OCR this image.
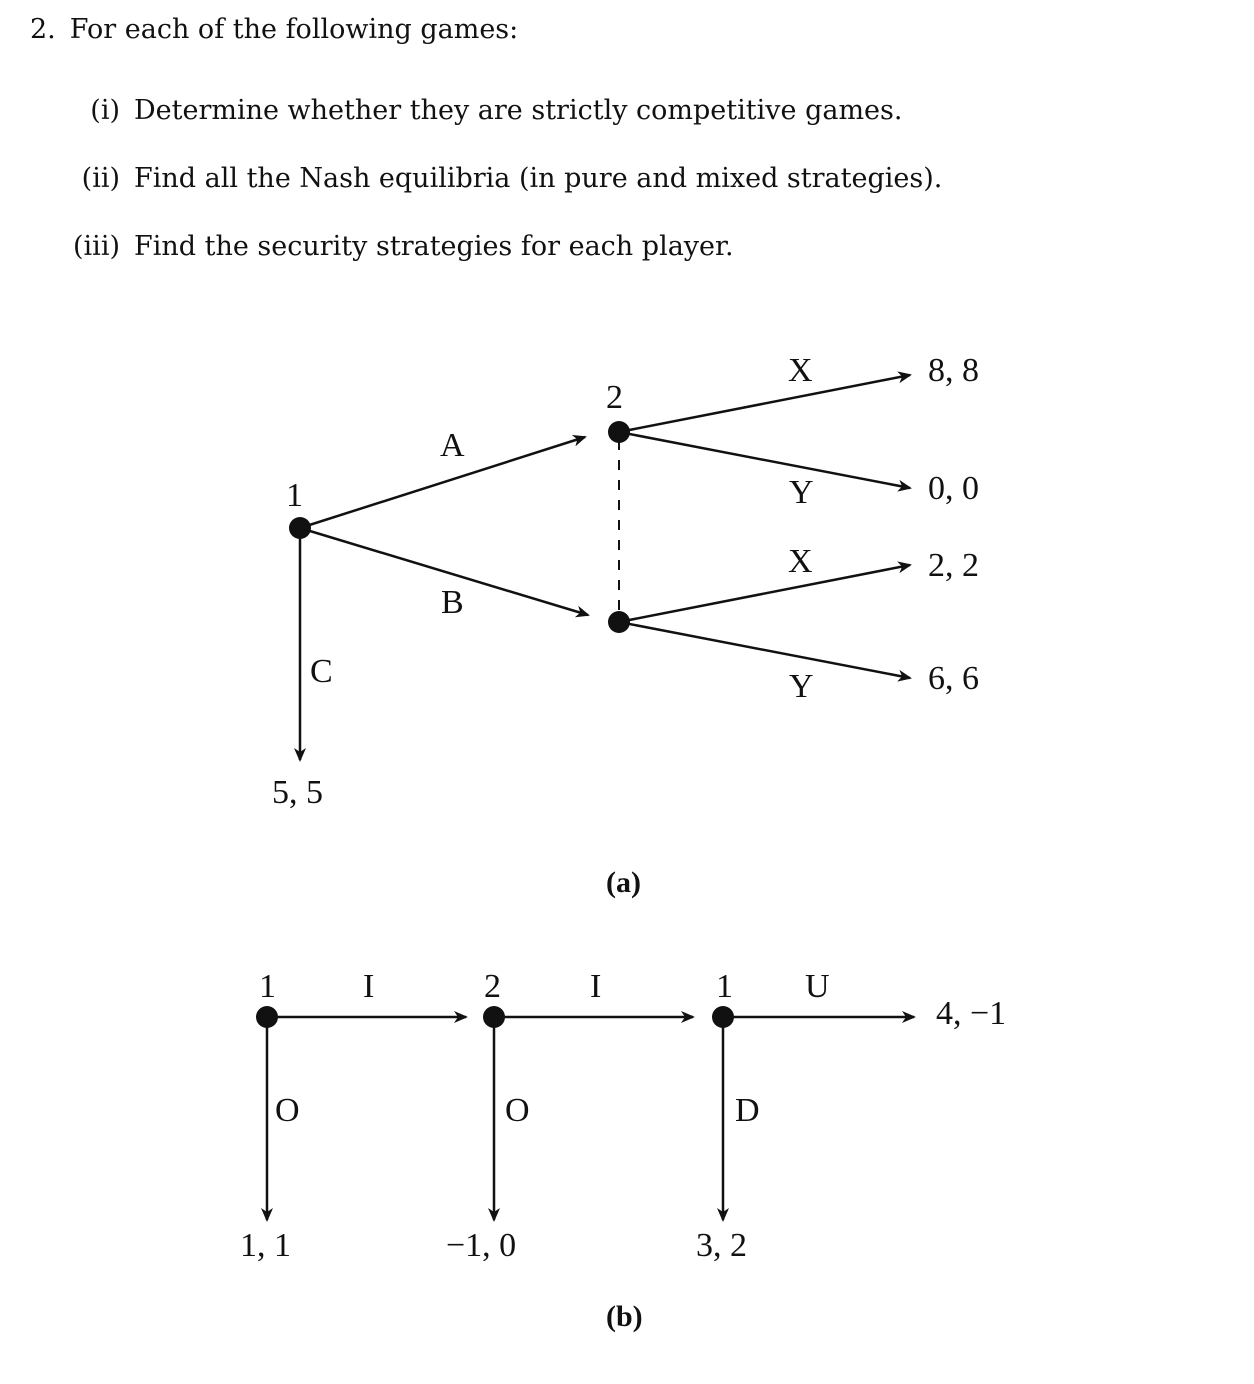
2. For each of the following games:
(i) Determine whether they are strictly competitive games.
(ii) Find all the Nash equilibria (in pure and mixed strategies).
(iii) Find the security strategies for each player.
1
2
A
B
C
X
Y
X
Y
8, 8
0, 0
2, 2
6, 6
5, 5
(a)
1	2	1
I	I	U
O	O	D
4, −1
1, 1	−1, 0	3, 2
(b)
